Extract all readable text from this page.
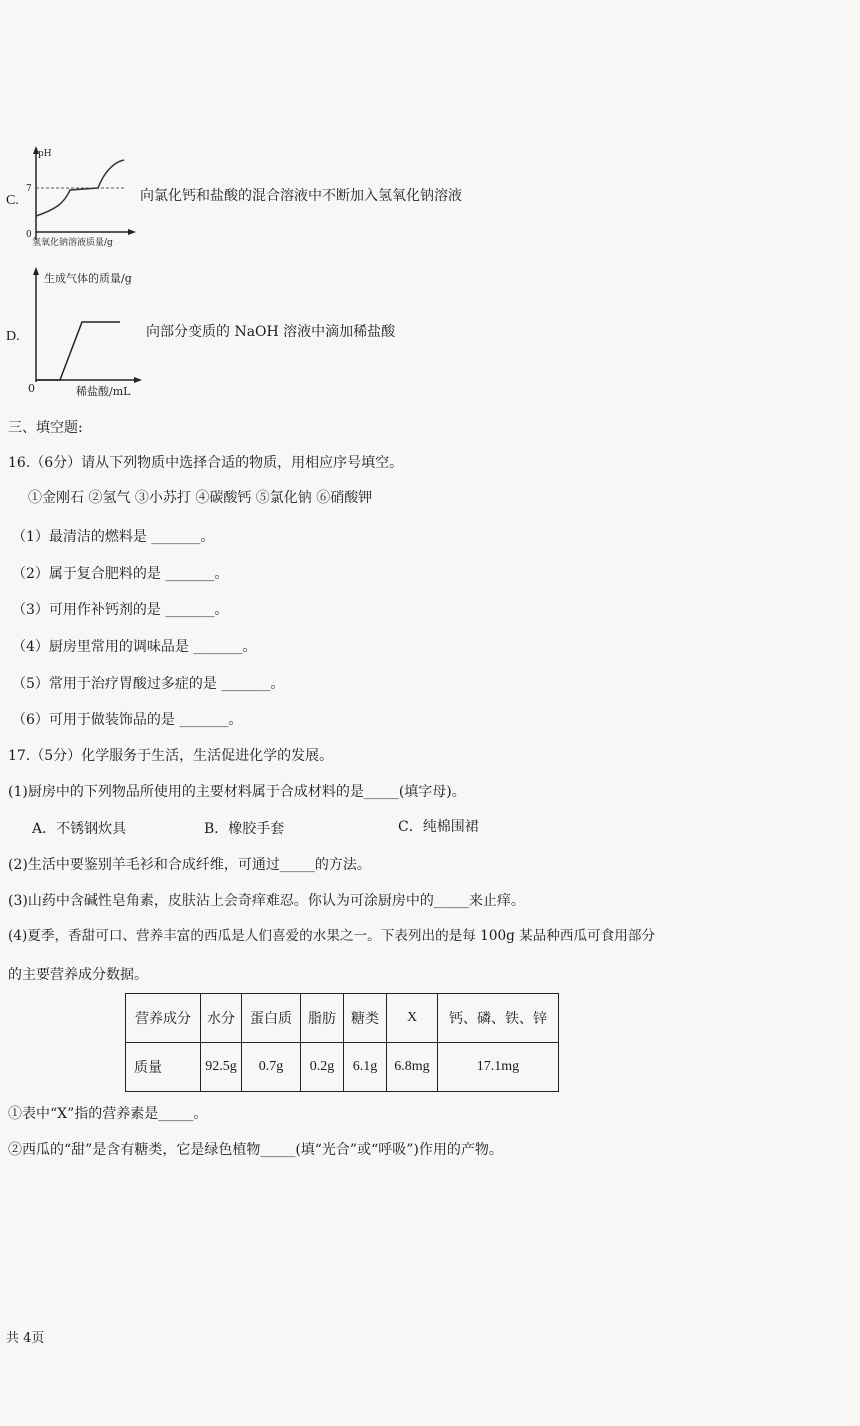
C.
pH
7
0
氢氧化钠溶液质量/g
向氯化钙和盐酸的混合溶液中不断加入氢氧化钠溶液
D.
生成气体的质量/g
0	稀盐酸/mL
向部分变质的 NaOH 溶液中滴加稀盐酸
三、填空题:
16.（6分）请从下列物质中选择合适的物质，用相应序号填空。
①金刚石 ②氢气 ③小苏打 ④碳酸钙 ⑤氯化钠 ⑥硝酸钾
（1）最清洁的燃料是 _______。
（2）属于复合肥料的是 _______。
（3）可用作补钙剂的是 _______。
（4）厨房里常用的调味品是 _______。
（5）常用于治疗胃酸过多症的是 _______。
（6）可用于做装饰品的是 _______。
17.（5分）化学服务于生活，生活促进化学的发展。
(1)厨房中的下列物品所使用的主要材料属于合成材料的是_____(填字母)。
A．不锈钢炊具	B．橡胶手套	C．纯棉围裙
(2)生活中要鉴别羊毛衫和合成纤维，可通过_____的方法。
(3)山药中含碱性皂角素，皮肤沾上会奇痒难忍。你认为可涂厨房中的_____来止痒。
(4)夏季，香甜可口、营养丰富的西瓜是人们喜爱的水果之一。下表列出的是每 100g 某品种西瓜可食用部分
的主要营养成分数据。
营养成分	水分	蛋白质	脂肪	糖类	X	钙、磷、铁、锌
质量	92.5g	0.7g	0.2g	6.1g	6.8mg	17.1mg
①表中“X”指的营养素是_____。
②西瓜的“甜”是含有糖类，它是绿色植物_____(填“光合”或“呼吸”)作用的产物。
共 4页
